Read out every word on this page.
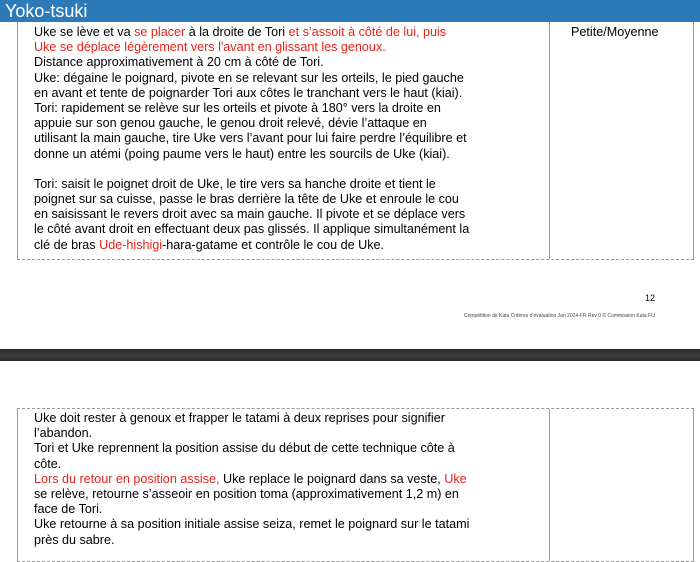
Yoko-tsuki

Uke se lève et va se placer à la droite de Tori et s’assoit à côté de lui, puis

Uke se déplace légèrement vers l'avant en glissant les genoux.

Distance approximativement à 20 cm à côté de Tori.

Uke: dégaine le poignard, pivote en se relevant sur les orteils, le pied gauche

en avant et tente de poignarder Tori aux côtes le tranchant vers le haut (kiai).

Tori: rapidement se relève sur les orteils et pivote à 180° vers la droite en

appuie sur son genou gauche, le genou droit relevé, dévie l’attaque en

utilisant la main gauche, tire Uke vers l’avant pour lui faire perdre l’équilibre et

donne un atémi (poing paume vers le haut) entre les sourcils de Uke (kiai).

Tori: saisit le poignet droit de Uke, le tire vers sa hanche droite et tient le

poignet sur sa cuisse, passe le bras derrière la tête de Uke et enroule le cou

en saisissant le revers droit avec sa main gauche. Il pivote et se déplace vers

le côté avant droit en effectuant deux pas glissés. Il applique simultanément la

clé de bras Ude-hishigi-hara-gatame et contrôle le cou de Uke.

Petite/Moyenne
12
Compétition de Kata Critères d’évaluation Jan 2024-FR Rev 0 © Commission Kata FIJ

Uke doit rester à genoux et frapper le tatami à deux reprises pour signifier

l’abandon.

Tori et Uke reprennent la position assise du début de cette technique côte à

côte.

Lors du retour en position assise, Uke replace le poignard dans sa veste, Uke

se relève, retourne s’asseoir en position toma (approximativement 1,2 m) en

face de Tori.

Uke retourne à sa position initiale assise seiza, remet le poignard sur le tatami

près du sabre.
